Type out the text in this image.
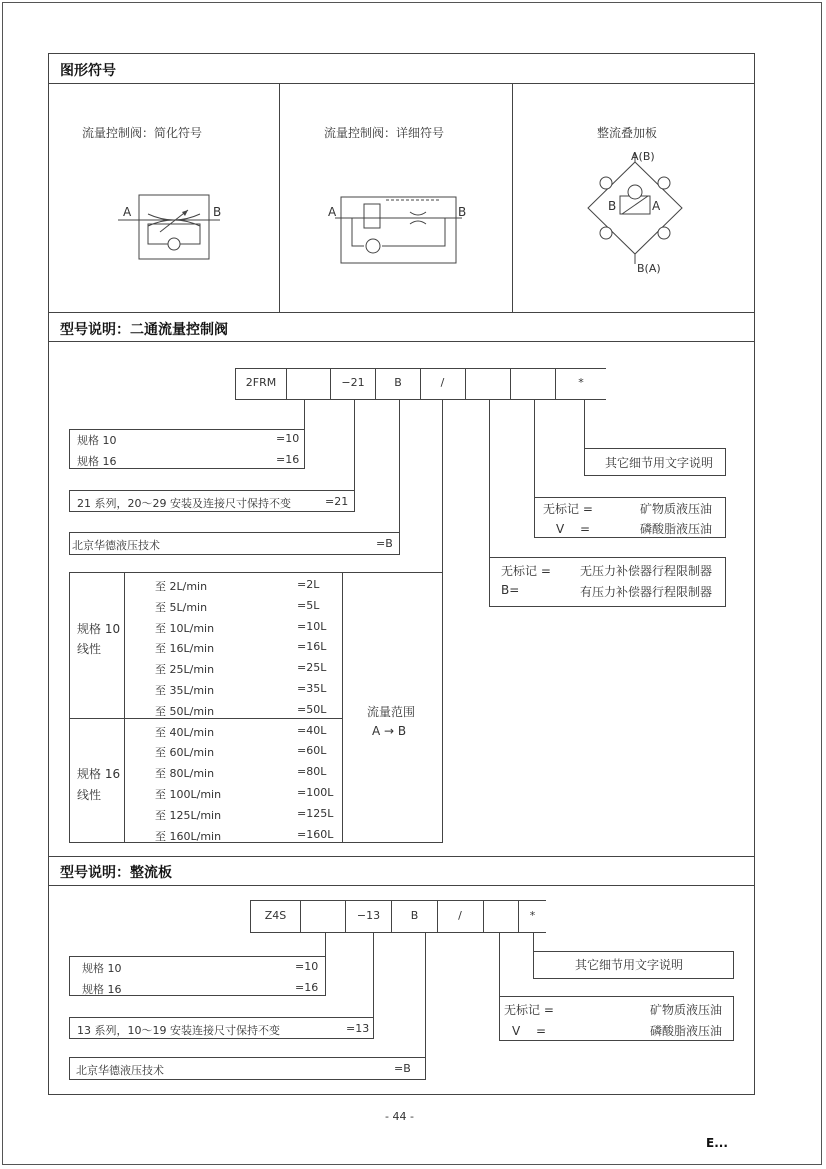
图形符号
流量控制阀：简化符号	流量控制阀：详细符号	整流叠加板
A	B	A	B
A(B)
B(A)
B	A
型号说明：二通流量控制阀
2FRM	−21	B	/	*
规格 10	=10
规格 16	=16
21 系列，20～29 安装及连接尺寸保持不变	=21
北京华德液压技术	=B
其它细节用文字说明
无标记 =	矿物质液压油
V　 =	磷酸脂液压油
无标记 = 无压力补偿器行程限制器
B=	有压力补偿器行程限制器
规格 10
线性
规格 16
线性
至 2L/min	=2L
至 5L/min	=5L
至 10L/min	=10L
至 16L/min	=16L
至 25L/min	=25L
至 35L/min	=35L
至 50L/min	=50L
至 40L/min	=40L
至 60L/min	=60L
至 80L/min	=80L
至 100L/min	=100L
至 125L/min	=125L
至 160L/min	=160L
流量范围
A → B
型号说明：整流板
Z4S	−13	B	/	*
规格 10	=10
规格 16	=16
13 系列，10～19 安装连接尺寸保持不变	=13
北京华德液压技术	=B
其它细节用文字说明
无标记 =	矿物质液压油
V　 =	磷酸脂液压油
- 44 -
E...
